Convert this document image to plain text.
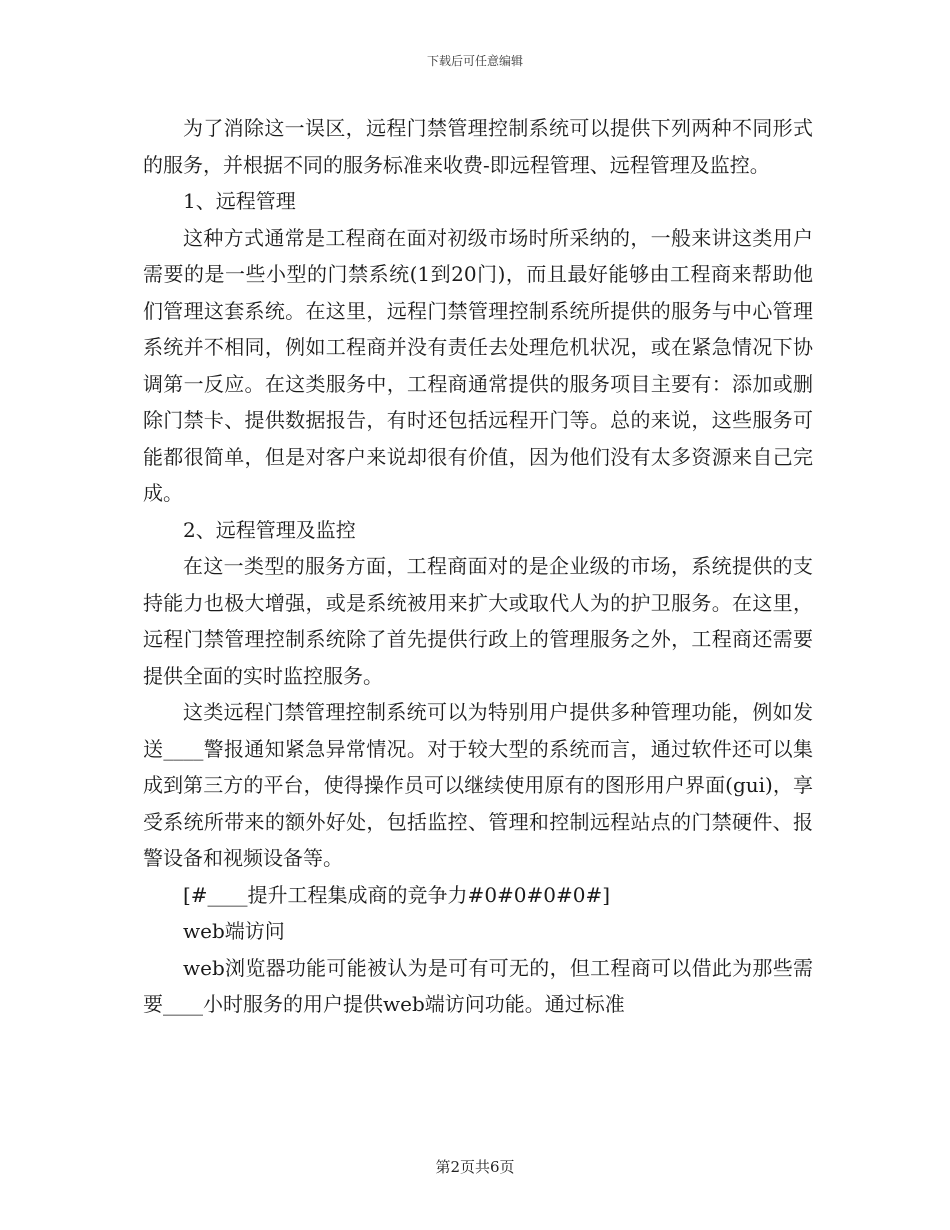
下载后可任意编辑

为了消除这一误区，远程门禁管理控制系统可以提供下列两种不同形式的服务，并根据不同的服务标准来收费-即远程管理、远程管理及监控。

1、远程管理

这种方式通常是工程商在面对初级市场时所采纳的，一般来讲这类用户需要的是一些小型的门禁系统(1到20门)，而且最好能够由工程商来帮助他们管理这套系统。在这里，远程门禁管理控制系统所提供的服务与中心管理系统并不相同，例如工程商并没有责任去处理危机状况，或在紧急情况下协调第一反应。在这类服务中，工程商通常提供的服务项目主要有：添加或删除门禁卡、提供数据报告，有时还包括远程开门等。总的来说，这些服务可能都很简单，但是对客户来说却很有价值，因为他们没有太多资源来自己完成。

2、远程管理及监控

在这一类型的服务方面，工程商面对的是企业级的市场，系统提供的支持能力也极大增强，或是系统被用来扩大或取代人为的护卫服务。在这里，远程门禁管理控制系统除了首先提供行政上的管理服务之外，工程商还需要提供全面的实时监控服务。

这类远程门禁管理控制系统可以为特别用户提供多种管理功能，例如发送____警报通知紧急异常情况。对于较大型的系统而言，通过软件还可以集成到第三方的平台，使得操作员可以继续使用原有的图形用户界面(gui)，享受系统所带来的额外好处，包括监控、管理和控制远程站点的门禁硬件、报警设备和视频设备等。

[#____提升工程集成商的竞争力#0#0#0#0#]

web端访问

web浏览器功能可能被认为是可有可无的，但工程商可以借此为那些需要____小时服务的用户提供web端访问功能。通过标准

第2页共6页
